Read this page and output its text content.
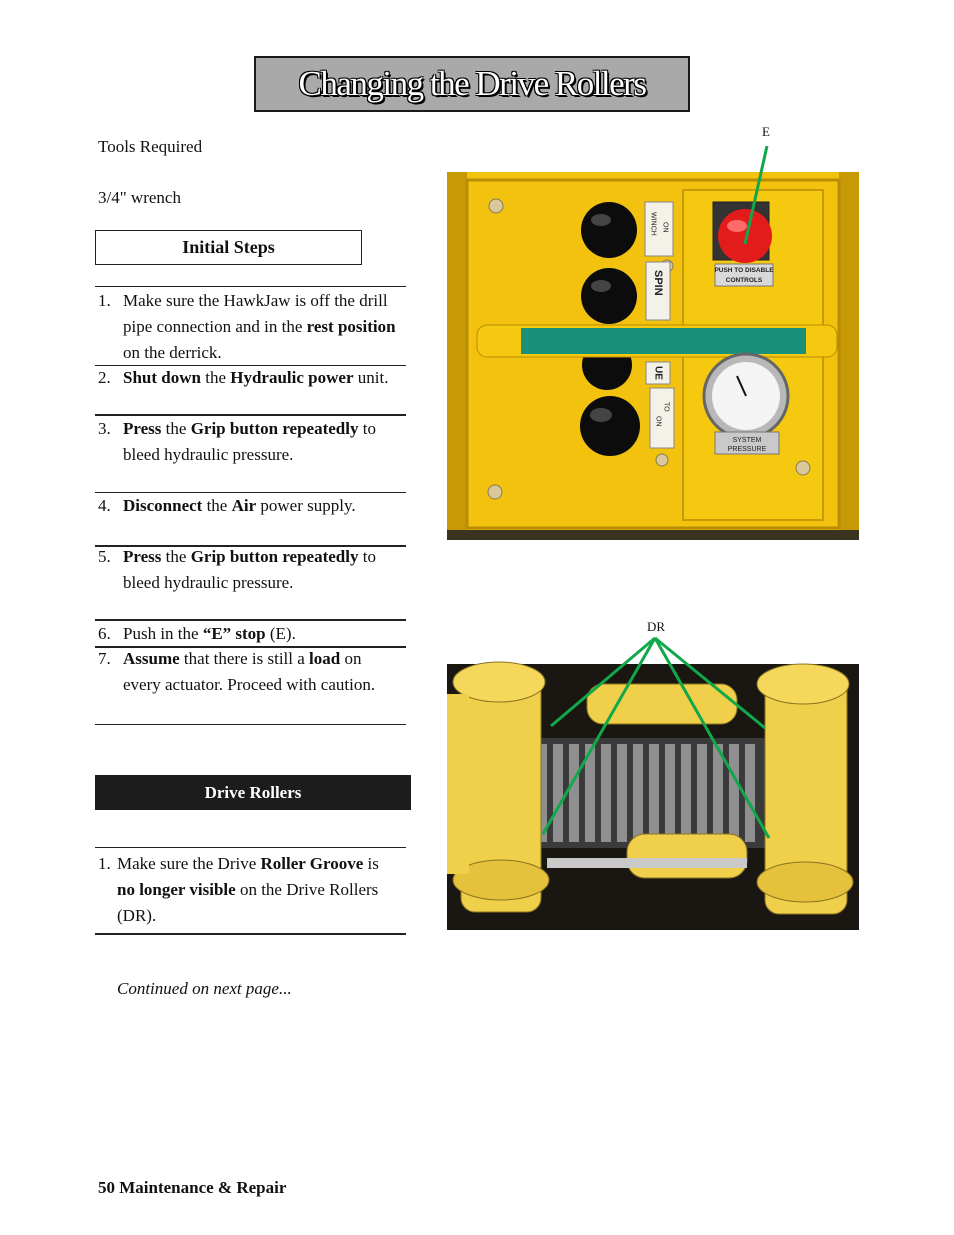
Changing the Drive Rollers
Tools Required
3/4" wrench
Initial Steps
1. Make sure the HawkJaw is off the drill pipe connection and in the rest position on the derrick.
2. Shut down the Hydraulic power unit.
3. Press the Grip button repeatedly to bleed hydraulic pressure.
4. Disconnect the Air power supply.
5. Press the Grip button repeatedly to bleed hydraulic pressure.
6. Push in the “E” stop (E).
7. Assume that there is still a load on every actuator. Proceed with caution.
Drive Rollers
1. Make sure the Drive Roller Groove is no longer visible on the Drive Rollers (DR).
Continued on next page...
50 Maintenance & Repair
E
WINCH ON
SPIN
UE
TO
ON
PUSH TO DISABLE
CONTROLS
SYSTEM
PRESSURE
DR
